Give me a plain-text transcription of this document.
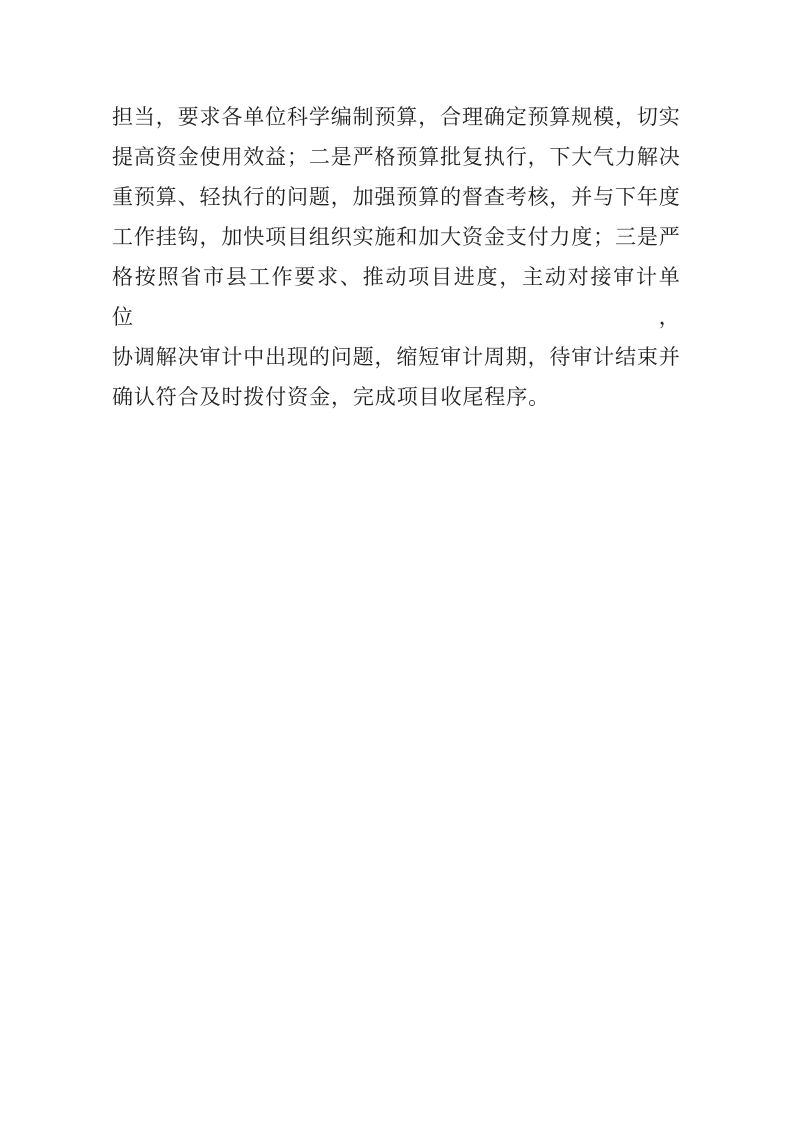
担当，要求各单位科学编制预算，合理确定预算规模，切实
提高资金使用效益；二是严格预算批复执行，下大气力解决
重预算、轻执行的问题，加强预算的督查考核，并与下年度
工作挂钩，加快项目组织实施和加大资金支付力度；三是严
格按照省市县工作要求、推动项目进度，主动对接审计单位，
协调解决审计中出现的问题，缩短审计周期，待审计结束并
确认符合及时拨付资金，完成项目收尾程序。
